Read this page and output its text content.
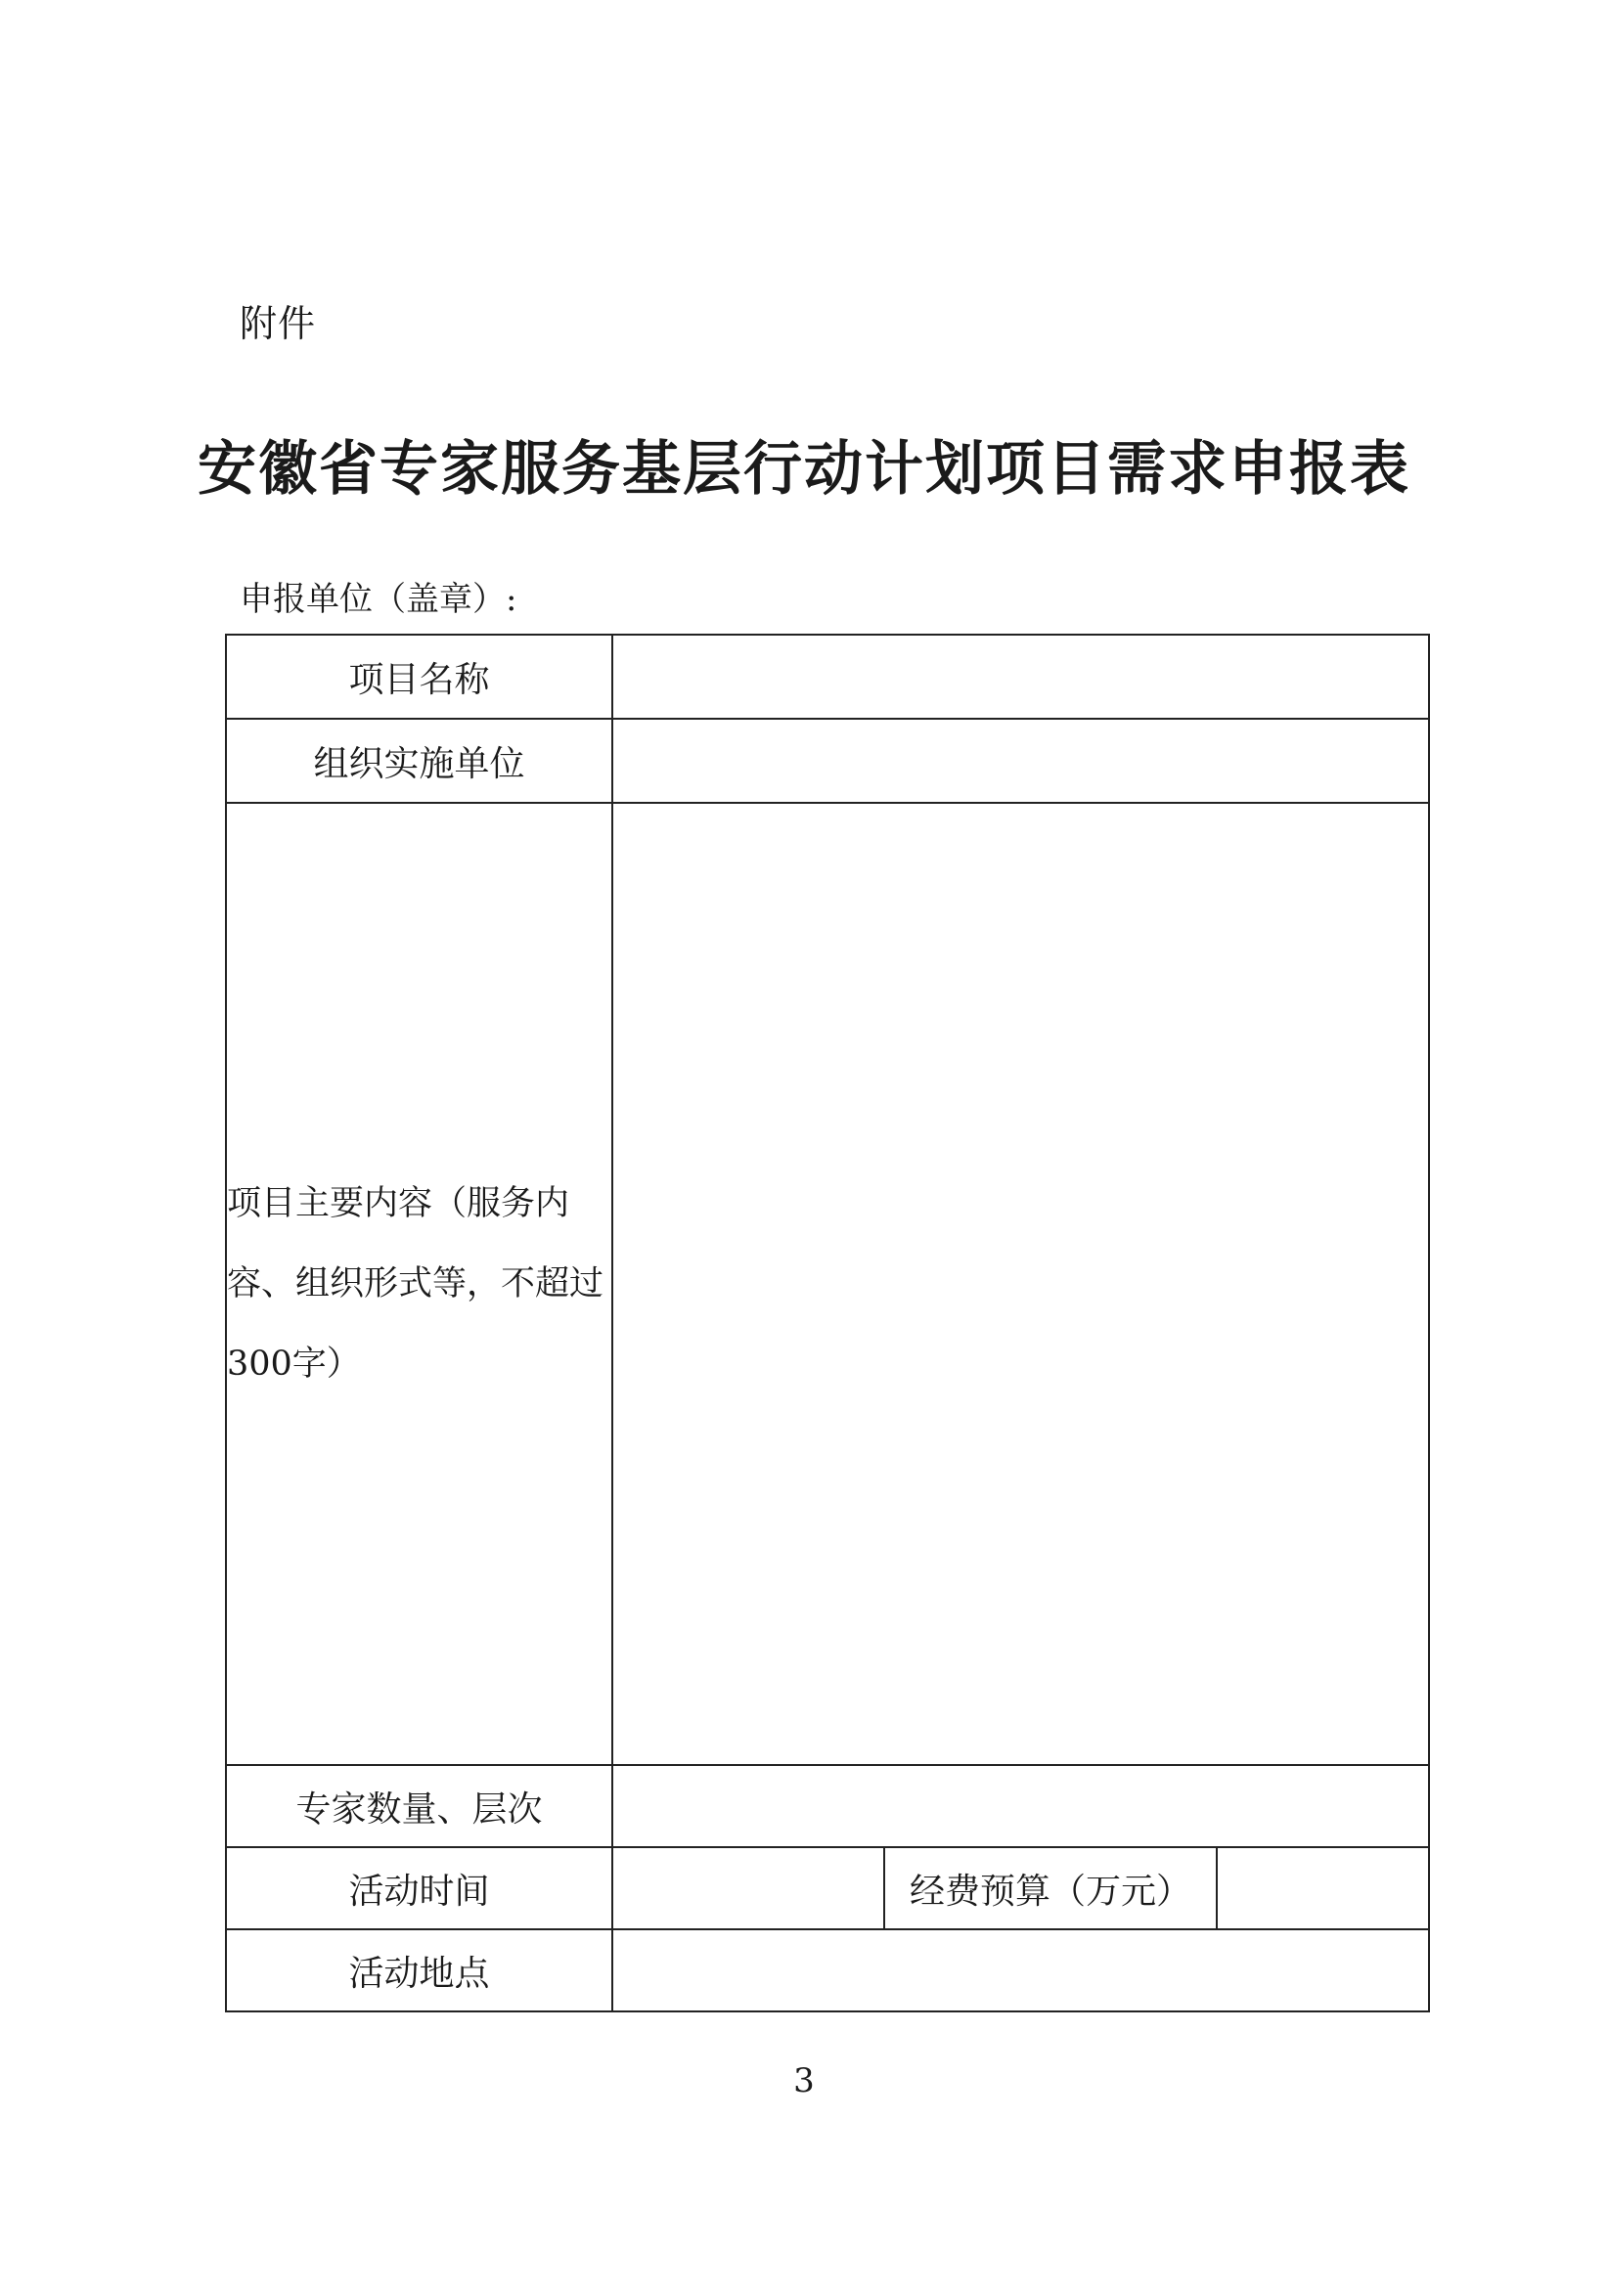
附件
安徽省专家服务基层行动计划项目需求申报表
申报单位（盖章）:
项目名称			
组织实施单位			
项目主要内容（服务内容、组织形式等，不超过300字）			
专家数量、层次			
活动时间		经费预算（万元）	
活动地点			
3
